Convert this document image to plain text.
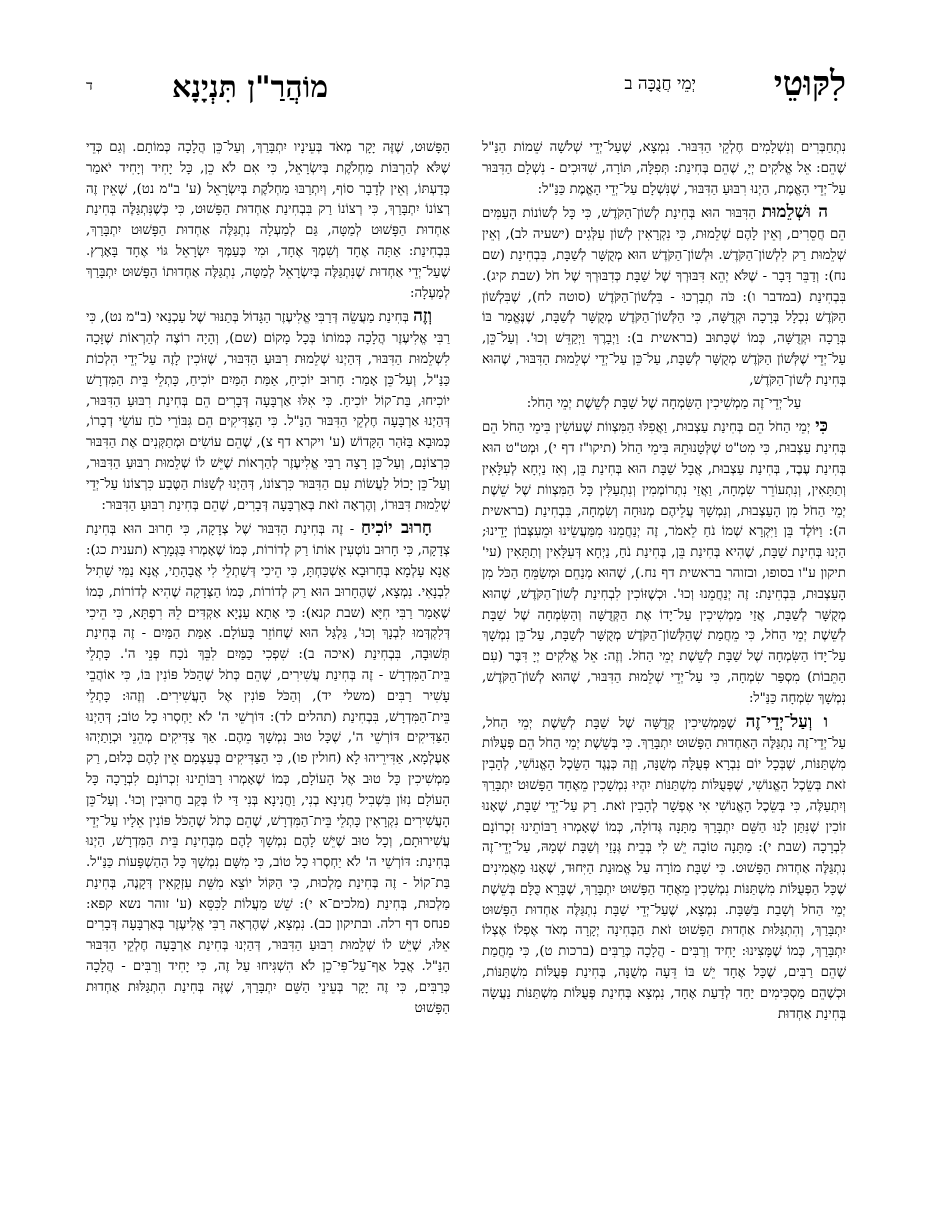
לִקּוּטֵי
יְמֵי חֲנֻכָּה ב
מוֹהֲרַ"ן תִּנְיָנָא
ד

נִתְחַבְּרִים וְנִשְׁלָמִים חֶלְקֵי הַדִּבּוּר. נִמְצָא, שֶׁעַל־יְדֵי שְׁלֹשָׁה שֵׁמוֹת הַנַּ"ל שֶׁהֵם: אֵל אֱלֹקִים יְיָ, שֶׁהֵם בְּחִינַת: תְּפִלָּה, תּוֹרָה, שִׁדּוּכִים - נִשְׁלָם הַדִּבּוּר עַל־יְדֵי הָאֱמֶת, הַיְנוּ רִבּוּעַ הַדִּבּוּר, שֶׁנִּשְׁלָם עַל־יְדֵי הָאֱמֶת כַּנַּ"ל:

ה וּשְׁלֵמוּת הַדִּבּוּר הוּא בְּחִינַת לְשׁוֹן־הַקֹּדֶשׁ, כִּי כָּל לְשׁוֹנוֹת הָעַמִּים הֵם חֲסֵרִים, וְאֵין לָהֶם שְׁלֵמוּת, כִּי נִקְרָאִין לְשׁוֹן עִלְּגִים (ישעיה לב), וְאֵין שְׁלֵמוּת רַק לִלְשׁוֹן־הַקֹּדֶשׁ. וּלְשׁוֹן־הַקֹּדֶשׁ הוּא מְקֻשָּׁר לְשַׁבָּת, בִּבְחִינַת (שם נח): וְדַבֵּר דָּבָר - שֶׁלֹּא יְהֵא דִּבּוּרְךָ שֶׁל שַׁבָּת כְּדִבּוּרְךָ שֶׁל חֹל (שבת קיג). בִּבְחִינַת (במדבר ו): כֹּה תְבָרְכוּ - בִּלְשׁוֹן־הַקֹּדֶשׁ (סוטה לח), שֶׁבִּלְשׁוֹן הַקֹּדֶשׁ נִכְלָל בְּרָכָה וּקְדֻשָּׁה, כִּי הַלְּשׁוֹן־הַקֹּדֶשׁ מְקֻשָּׁר לְשַׁבָּת, שֶׁנֶּאֱמַר בּוֹ בְּרָכָה וּקְדֻשָּׁה, כְּמוֹ שֶׁכָּתוּב (בראשית ב): וַיְבָרֶךְ וַיְקַדֵּשׁ וְכוּ'. וְעַל־כֵּן, עַל־יְדֵי שֶׁלְּשׁוֹן הַקֹּדֶשׁ מְקֻשָּׁר לְשַׁבָּת, עַל־כֵּן עַל־יְדֵי שְׁלֵמוּת הַדִּבּוּר, שֶׁהוּא בְּחִינַת לְשׁוֹן־הַקֹּדֶשׁ,

עַל־יְדֵי־זֶה מַמְשִׁיכִין הַשִּׂמְחָה שֶׁל שַׁבָּת לְשֵׁשֶׁת יְמֵי הַחֹל:

כִּי יְמֵי הַחֹל הֵם בְּחִינַת עַצְבוּת, וַאֲפִלּוּ הַמִּצְווֹת שֶׁעוֹשִׂין בִּימֵי הַחֹל הֵם בְּחִינַת עַצְבוּת, כִּי מִט"ט שֶׁלְּטָנוּתֵהּ בִּימֵי הַחֹל (תיקו"ז דף י), וּמְט"ט הוּא בְּחִינַת עֶבֶד, בְּחִינַת עַצְבוּת, אֲבָל שַׁבָּת הוּא בְּחִינַת בֵּן, וְאִז נַיְחָא לְעִלָּאִין וְתַתָּאִין, וְנִתְעוֹרֵר שִׂמְחָה, וַאֲזַי נִתְרוֹמְמִין וְנִתְעַלִּין כָּל הַמִּצְווֹת שֶׁל שֵׁשֶׁת יְמֵי הַחֹל מִן הָעַצְבוּת, וְנִמְשָׁךְ עֲלֵיהֶם מְנוּחָה וְשִׂמְחָה, בִּבְחִינַת (בראשית ה): וַיּוֹלֶד בֵּן וַיִּקְרָא שְׁמוֹ נֹחַ לֵאמֹר, זֶה יְנַחֲמֵנוּ מִמַּעֲשֵׂינוּ וּמֵעִצְּבוֹן יָדֵינוּ; הַיְנוּ בְּחִינַת שַׁבָּת, שֶׁהִיא בְּחִינַת בֵּן, בְּחִינַת נֹחַ, נַיְחָא דְּעִלָּאִין וְתַתָּאִין (עי' תיקון ע"ו בסופו, ובזוהר בראשית דף נח.), שֶׁהוּא מְנַחֵם וּמְשַׂמֵּחַ הַכֹּל מִן הָעַצְבוּת, בִּבְחִינַת: זֶה יְנַחֲמֵנוּ וְכוּ'. וּכְשֶׁזּוֹכִין לִבְחִינַת לְשׁוֹן־הַקֹּדֶשׁ, שֶׁהוּא מְקֻשָּׁר לְשַׁבָּת, אֲזַי מַמְשִׁיכִין עַל־יָדוֹ אֶת הַקְּדֻשָּׁה וְהַשִּׂמְחָה שֶׁל שַׁבָּת לְשֵׁשֶׁת יְמֵי הַחֹל, כִּי מֵחֲמַת שֶׁהַלְּשׁוֹן־הַקֹּדֶשׁ מְקֻשָּׁר לְשַׁבָּת, עַל־כֵּן נִמְשָׁךְ עַל־יָדוֹ הַשִּׂמְחָה שֶׁל שַׁבָּת לְשֵׁשֶׁת יְמֵי הַחֹל. וְזֶה: אֵל אֱלֹקִים יְיָ דִּבֶּר (עִם הַתֵּבוֹת) מִסְפַּר שִׂמְחָה, כִּי עַל־יְדֵי שְׁלֵמוּת הַדִּבּוּר, שֶׁהוּא לְשׁוֹן־הַקֹּדֶשׁ, נִמְשָׁךְ שִׂמְחָה כַּנַּ"ל:

ו וְעַל־יְדֵי־זֶה שֶׁמַּמְשִׁיכִין קְדֻשָּׁה שֶׁל שַׁבָּת לְשֵׁשֶׁת יְמֵי הַחֹל, עַל־יְדֵי־זֶה נִתְגַּלֶּה הָאַחְדוּת הַפָּשׁוּט יִתְבָּרַךְ. כִּי בְּשֵׁשֶׁת יְמֵי הַחֹל הֵם פְּעֻלּוֹת מִשְׁתַּנּוֹת, שֶׁבְּכָל יוֹם נִבְרָא פְּעֻלָּה מְשֻׁנָּה, וְזֶה כְּנֶגֶד הַשֵּׂכֶל הָאֱנוֹשִׁי, לְהָבִין זֹאת בְּשֵׂכֶל הָאֱנוֹשִׁי, שֶׁפְּעֻלּוֹת מִשְׁתַּנּוֹת יִהְיוּ נִמְשָׁכִין מֵאֶחָד הַפָּשׁוּט יִתְבָּרַךְ וְיִתְעַלֶּה, כִּי בְּשֵׂכֶל הָאֱנוֹשִׁי אִי אֶפְשָׁר לְהָבִין זֹאת. רַק עַל־יְדֵי שַׁבָּת, שֶׁאָנוּ זוֹכִין שֶׁנִּתַּן לָנוּ הַשֵּׁם יִתְבָּרַךְ מַתָּנָה גְּדוֹלָה, כְּמוֹ שֶׁאָמְרוּ רַבּוֹתֵינוּ זִכְרוֹנָם לִבְרָכָה (שבת י): מַתָּנָה טוֹבָה יֵשׁ לִי בְּבֵית גְּנָזַי וְשַׁבָּת שְׁמָהּ, עַל־יְדֵי־זֶה נִתְגַּלֶּה אַחְדוּת הַפָּשׁוּט. כִּי שַׁבָּת מוֹרָה עַל אֱמוּנַת הַיִּחוּד, שֶׁאָנוּ מַאֲמִינִים שֶׁכָּל הַפְּעֻלּוֹת מִשְׁתַּנּוֹת נִמְשָׁכִין מֵאֶחָד הַפָּשׁוּט יִתְבָּרַךְ, שֶׁבָּרָא כֻּלָּם בְּשֵׁשֶׁת יְמֵי הַחֹל וְשָׁבַת בַּשַּׁבָּת. נִמְצָא, שֶׁעַל־יְדֵי שַׁבָּת נִתְגַּלֶּה אַחְדוּת הַפָּשׁוּט יִתְבָּרַךְ, וְהִתְגַּלּוּת אַחְדוּת הַפָּשׁוּט זֹאת הַבְּחִינָה יְקָרָה מְאֹד אֶפְלוֹ אֶצְלוֹ יִתְבָּרַךְ, כְּמוֹ שֶׁמָּצִינוּ: יָחִיד וְרַבִּים - הֲלָכָה כְּרַבִּים (ברכות ט), כִּי מֵחֲמַת שֶׁהֵם רַבִּים, שֶׁכָּל אֶחָד יֵשׁ בּוֹ דֵּעָה מְשֻׁנָּה, בְּחִינַת פְּעֻלּוֹת מִשְׁתַּנּוֹת, וּכְשֶׁהֵם מַסְכִּימִים יַחַד לְדַעַת אֶחָד, נִמְצָא בְּחִינַת פְּעֻלּוֹת מִשְׁתַּנּוֹת נַעֲשָׂה בְּחִינַת אַחְדוּת

הַפָּשׁוּט, שֶׁזֶּה יָקָר מְאֹד בְּעֵינָיו יִתְבָּרַךְ, וְעַל־כֵּן הֲלָכָה כְּמוֹתָם. וְגַם כְּדֵי שֶׁלֹּא לְהַרְבּוֹת מַחְלֹקֶת בְּיִשְׂרָאֵל, כִּי אִם לֹא כֵן, כָּל יָחִיד וְיָחִיד יֹאמַר כְּדַעְתּוֹ, וְאֵין לְדָבָר סוֹף, וְיִתְרַבּוּ מַחְלֹקֶת בְּיִשְׂרָאֵל (ע' ב"מ נט), שֶׁאֵין זֶה רְצוֹנוֹ יִתְבָּרַךְ, כִּי רְצוֹנוֹ רַק בִּבְחִינַת אַחְדוּת הַפָּשׁוּט, כִּי כְּשֶׁנִּתְגַּלֶּה בְּחִינַת אַחְדוּת הַפָּשׁוּט לְמַטָּה, גַּם לְמַעְלָה נִתְגַּלֶּה אַחְדוּת הַפָּשׁוּט יִתְבָּרַךְ, בִּבְחִינַת: אַתָּה אֶחָד וְשִׁמְךָ אֶחָד, וּמִי כְּעַמְּךָ יִשְׂרָאֵל גּוֹי אֶחָד בָּאָרֶץ. שֶׁעַל־יְדֵי אַחְדוּת שֶׁנִּתְגַּלֶּה בְּיִשְׂרָאֵל לְמַטָּה, נִתְגַּלֶּה אַחְדוּתוֹ הַפָּשׁוּט יִתְבָּרַךְ לְמַעְלָה:

וְזֶה בְּחִינַת מַעֲשֵׂה דְּרַבִּי אֱלִיעֶזֶר הַגָּדוֹל בְּתַנּוּר שֶׁל עַכְנַאי (ב"מ נט), כִּי רַבִּי אֱלִיעֶזֶר הֲלָכָה כְּמוֹתוֹ בְּכָל מָקוֹם (שם), וְהָיָה רוֹצֶה לְהַרְאוֹת שֶׁזָּכָה לִשְׁלֵמוּת הַדִּבּוּר, דְּהַיְנוּ שְׁלֵמוּת רִבּוּעַ הַדִּבּוּר, שֶׁזּוֹכִין לָזֶה עַל־יְדֵי הִלְכוֹת כַּנַּ"ל, וְעַל־כֵּן אָמַר: חָרוּב יוֹכִיחַ, אַמַּת הַמַּיִם יוֹכִיחַ, כָּתְלֵי בֵּית הַמִּדְרָשׁ יוֹכִיחוּ, בַּת־קוֹל יוֹכִיחַ. כִּי אִלּוּ אַרְבָּעָה דְּבָרִים הֵם בְּחִינַת רִבּוּעַ הַדִּבּוּר, דְּהַיְנוּ אַרְבָּעָה חֶלְקֵי הַדִּבּוּר הַנַּ"ל. כִּי הַצַּדִּיקִים הֵם גִּבּוֹרֵי כֹחַ עוֹשֵׂי דְבָרוֹ, כְּמוּבָא בַּזֹּהַר הַקָּדוֹשׁ (ע' ויקרא דף צ), שֶׁהֵם עוֹשִׂים וּמְתַקְּנִים אֶת הַדִּבּוּר כִּרְצוֹנָם, וְעַל־כֵּן רָצָה רַבִּי אֱלִיעֶזֶר לְהַרְאוֹת שֶׁיֵּשׁ לוֹ שְׁלֵמוּת רִבּוּעַ הַדִּבּוּר, וְעַל־כֵּן יָכוֹל לַעֲשׂוֹת עִם הַדִּבּוּר כִּרְצוֹנוֹ, דְּהַיְנוּ לְשַׁנּוֹת הַטֶּבַע כִּרְצוֹנוֹ עַל־יְדֵי שְׁלֵמוּת דִּבּוּרוֹ, וְהֶרְאָה זֹאת בְּאַרְבָּעָה דְּבָרִים, שֶׁהֵם בְּחִינַת רִבּוּעַ הַדִּבּוּר:

חָרוּב יוֹכִיחַ - זֶה בְּחִינַת הַדִּבּוּר שֶׁל צְדָקָה, כִּי חָרוּב הוּא בְּחִינַת צְדָקָה, כִּי חָרוּב נוֹטְעִין אוֹתוֹ רַק לְדוֹרוֹת, כְּמוֹ שֶׁאָמְרוּ בַּגְּמָרָא (תענית כג): אֲנָא עָלְמָא בְּחָרוּבָא אַשְׁכַּחְתָּ, כִּי הֵיכִי דְּשַׁתְלֵי לִי אֲבָהָתַי, אֲנָא נַמִּי שָׁתִיל לִבְנָאִי. נִמְצָא, שֶׁהֶחָרוּב הוּא רַק לְדוֹרוֹת, כְּמוֹ הַצְּדָקָה שֶׁהִיא לְדוֹרוֹת, כְּמוֹ שֶׁאָמַר רַבִּי חִיָּא (שבת קנא): כִּי אָתָא עַנְיָא אַקְדִּים לֵהּ רִפְתָּא, כִּי הֵיכִי דְּלִקְדְּמוּ לִבְנָךְ וְכוּ', גַּלְגַּל הוּא שֶׁחוֹזֵר בָּעוֹלָם. אַמַּת הַמַּיִם - זֶה בְּחִינַת תְּשׁוּבָה, בִּבְחִינַת (איכה ב): שִׁפְכִי כַמַּיִם לִבֵּךְ נֹכַח פְּנֵי ה'. כָּתְלֵי בֵּית־הַמִּדְרָשׁ - זֶה בְּחִינַת עֲשִׁירִים, שֶׁהֵם כְּתֹל שֶׁהַכֹּל פּוֹנִין בּוֹ, כִּי אוֹהֲבֵי עָשִׁיר רַבִּים (משלי יד), וְהַכֹּל פּוֹנִין אֶל הָעֲשִׁירִים. וְזֶהוּ: כָּתְלֵי בֵּית־הַמִּדְרָשׁ, בִּבְחִינַת (תהלים לד): דּוֹרְשֵׁי ה' לֹא יַחְסְרוּ כָל טוֹב; דְּהַיְנוּ הַצַּדִּיקִים דּוֹרְשֵׁי ה', שֶׁכָּל טוּב נִמְשָׁךְ מֵהֶם. אַךְ צַדִּיקִים מְהֵנֵי וּכְוָתַיְהוּ אָעֶלְמָא, אַדִּירֵיהוּ לָא (חולין פו), כִּי הַצַּדִּיקִים בְּעַצְמָם אֵין לָהֶם כְּלוּם, רַק מַמְשִׁיכִין כָּל טוּב אֶל הָעוֹלָם, כְּמוֹ שֶׁאָמְרוּ רַבּוֹתֵינוּ זִכְרוֹנָם לִבְרָכָה כָּל הָעוֹלָם נִזּוֹן בִּשְׁבִיל חֲנִינָא בְנִי, וַחֲנִינָא בְּנִי דַּי לוֹ בְּקַב חֲרוּבִין וְכוּ'. וְעַל־כֵּן הָעֲשִׁירִים נִקְרָאִין כָּתְלֵי בֵּית־הַמִּדְרָשׁ, שֶׁהֵם כְּתֹל שֶׁהַכֹּל פּוֹנִין אֵלָיו עַל־יְדֵי עֲשִׁירוּתָם, וְכָל טוּב שֶׁיֵּשׁ לָהֶם נִמְשָׁךְ לָהֶם מִבְּחִינַת בֵּית הַמִּדְרָשׁ, הַיְנוּ בְּחִינַת: דּוֹרְשֵׁי ה' לֹא יַחְסְרוּ כָל טוֹב, כִּי מִשָּׁם נִמְשָׁךְ כָּל הַהַשְׁפָּעוֹת כַּנַּ"ל. בַּת־קוֹל - זֶה בְּחִינַת מַלְכוּת, כִּי הַקּוֹל יוֹצֵא מִשֵּׁת עִזְקָאִין דְּקָנֶה, בְּחִינַת מַלְכוּת, בְּחִינַת (מלכים־א י): שֵׁשׁ מַעֲלוֹת לַכִּסֵּא (ע' זוהר נשא קפא: פנחס דף רלה. ובתיקון כב). נִמְצָא, שֶׁהֶרְאָה רַבִּי אֱלִיעֶזֶר בְּאַרְבָּעָה דְּבָרִים אֵלּוּ, שֶׁיֵּשׁ לוֹ שְׁלֵמוּת רִבּוּעַ הַדִּבּוּר, דְּהַיְנוּ בְּחִינַת אַרְבָּעָה חֶלְקֵי הַדִּבּוּר הַנַּ"ל. אֲבָל אַף־עַל־פִּי־כֵן לֹא הִשְׁגִּיחוּ עַל זֶה, כִּי יָחִיד וְרַבִּים - הֲלָכָה כְּרַבִּים, כִּי זֶה יָקָר בְּעֵינֵי הַשֵּׁם יִתְבָּרַךְ, שֶׁזֶּה בְּחִינַת הִתְגַּלּוּת אַחְדוּת הַפָּשׁוּט
